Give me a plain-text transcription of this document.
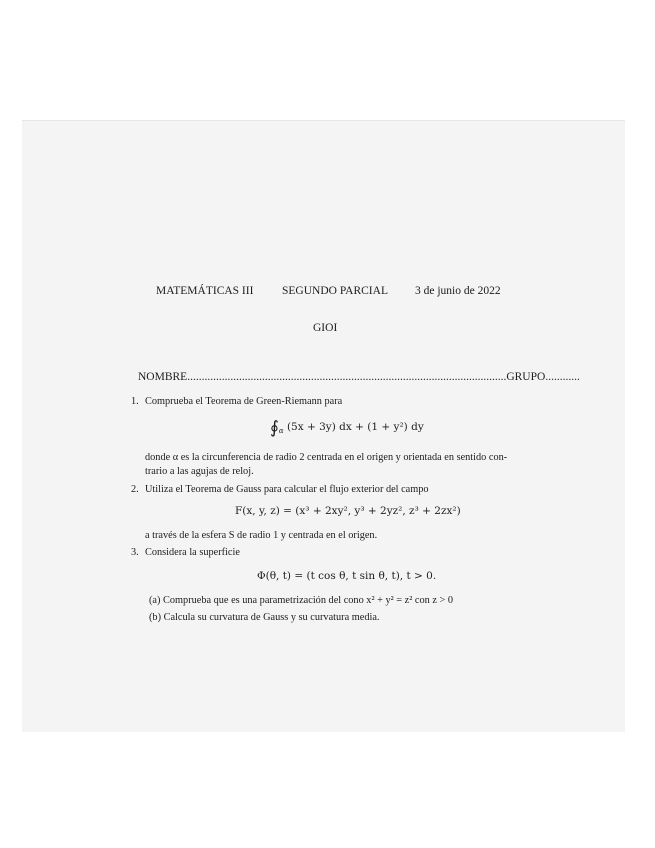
MATEMÁTICAS III SEGUNDO PARCIAL 3 de junio de 2022
GIOI
NOMBRE...............................................................................................................GRUPO............
1. Comprueba el Teorema de Green-Riemann para
$∮_\alpha$ (5x + 3y) dx + (1 + y²) dy
donde α es la circunferencia de radio 2 centrada en el origen y orientada en sentido con-
trario a las agujas de reloj.
2. Utiliza el Teorema de Gauss para calcular el flujo exterior del campo
F(x, y, z) = (x³ + 2xy², y³ + 2yz², z³ + 2zx²)
a través de la esfera S de radio 1 y centrada en el origen.
3. Considera la superficie
Φ(θ, t) = (t cos θ, t sin θ, t), t > 0.
(a) Comprueba que es una parametrización del cono x² + y² = z² con z > 0
(b) Calcula su curvatura de Gauss y su curvatura media.
